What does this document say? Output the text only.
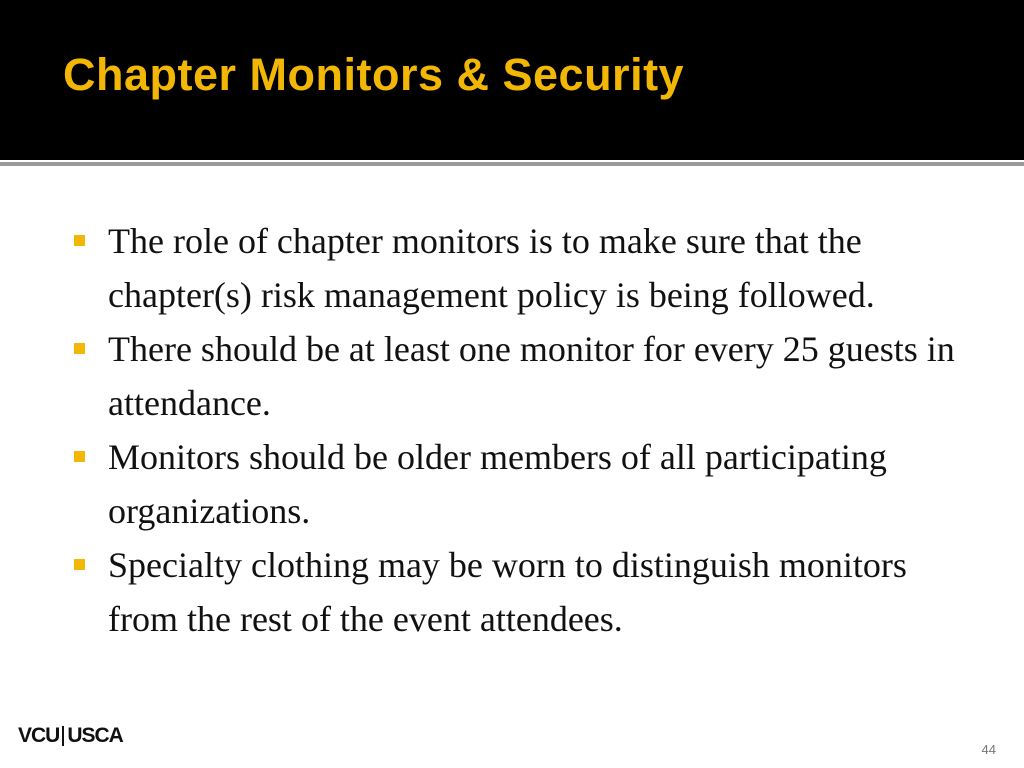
Chapter Monitors & Security
The role of chapter monitors is to make sure that the chapter(s) risk management policy is being followed.
There should be at least one monitor for every 25 guests in attendance.
Monitors should be older members of all participating organizations.
Specialty clothing may be worn to distinguish monitors from the rest of the event attendees.
VCU USCA
44
